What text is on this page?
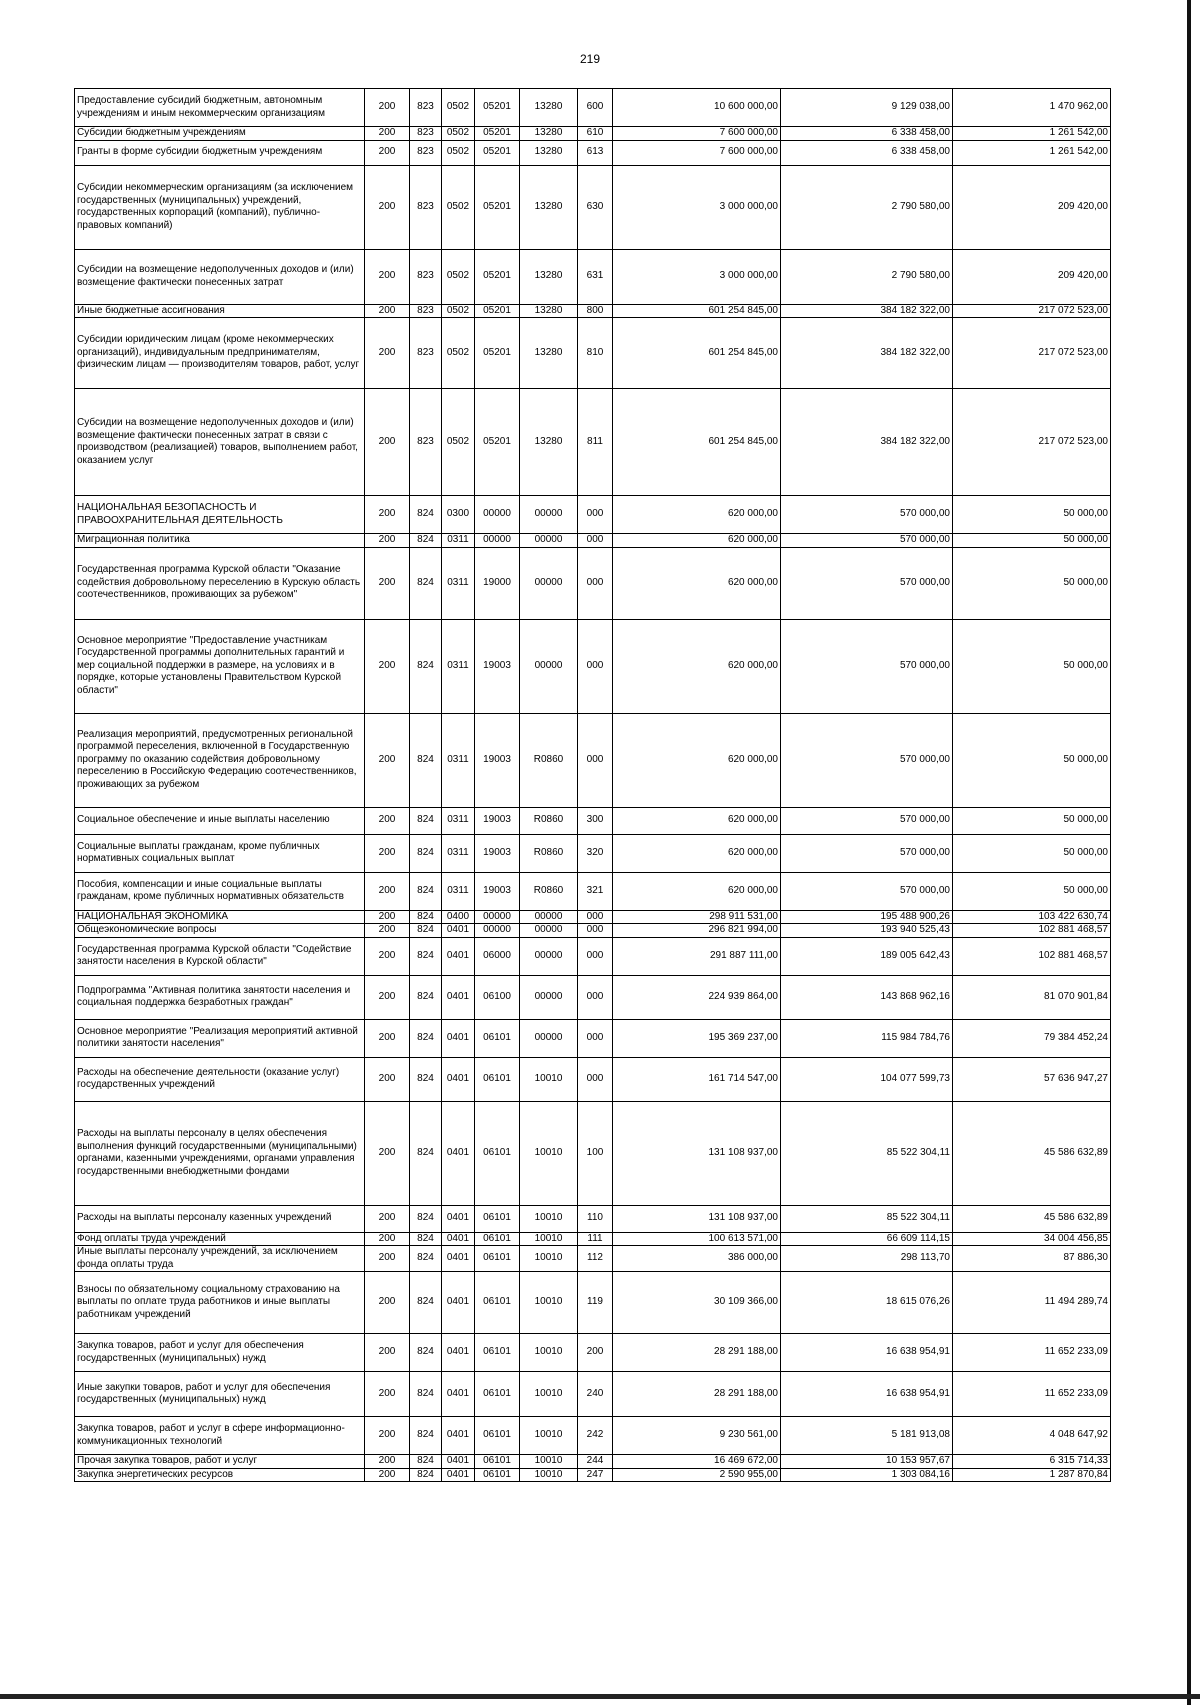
219
Предоставление субсидий бюджетным, автономным учреждениям и иным некоммерческим организациям	200	823	0502	05201	13280	600	10 600 000,00	9 129 038,00	1 470 962,00
Субсидии бюджетным учреждениям	200	823	0502	05201	13280	610	7 600 000,00	6 338 458,00	1 261 542,00
Гранты в форме субсидии бюджетным учреждениям	200	823	0502	05201	13280	613	7 600 000,00	6 338 458,00	1 261 542,00
Субсидии некоммерческим организациям (за исключением государственных (муниципальных) учреждений, государственных корпораций (компаний), публично-правовых компаний)	200	823	0502	05201	13280	630	3 000 000,00	2 790 580,00	209 420,00
Субсидии на возмещение недополученных доходов и (или) возмещение фактически понесенных затрат	200	823	0502	05201	13280	631	3 000 000,00	2 790 580,00	209 420,00
Иные бюджетные ассигнования	200	823	0502	05201	13280	800	601 254 845,00	384 182 322,00	217 072 523,00
Субсидии юридическим лицам (кроме некоммерческих организаций), индивидуальным предпринимателям, физическим лицам — производителям товаров, работ, услуг	200	823	0502	05201	13280	810	601 254 845,00	384 182 322,00	217 072 523,00
Субсидии на возмещение недополученных доходов и (или) возмещение фактически понесенных затрат в связи с производством (реализацией) товаров, выполнением работ, оказанием услуг	200	823	0502	05201	13280	811	601 254 845,00	384 182 322,00	217 072 523,00
НАЦИОНАЛЬНАЯ БЕЗОПАСНОСТЬ И ПРАВООХРАНИТЕЛЬНАЯ ДЕЯТЕЛЬНОСТЬ	200	824	0300	00000	00000	000	620 000,00	570 000,00	50 000,00
Миграционная политика	200	824	0311	00000	00000	000	620 000,00	570 000,00	50 000,00
Государственная программа Курской области "Оказание содействия добровольному переселению в Курскую область соотечественников, проживающих за рубежом"	200	824	0311	19000	00000	000	620 000,00	570 000,00	50 000,00
Основное мероприятие "Предоставление участникам Государственной программы дополнительных гарантий и мер социальной поддержки в размере, на условиях и в порядке, которые установлены Правительством Курской области"	200	824	0311	19003	00000	000	620 000,00	570 000,00	50 000,00
Реализация мероприятий, предусмотренных региональной программой переселения, включенной в Государственную программу по оказанию содействия добровольному переселению в Российскую Федерацию соотечественников, проживающих за рубежом	200	824	0311	19003	R0860	000	620 000,00	570 000,00	50 000,00
Социальное обеспечение и иные выплаты населению	200	824	0311	19003	R0860	300	620 000,00	570 000,00	50 000,00
Социальные выплаты гражданам, кроме публичных нормативных социальных выплат	200	824	0311	19003	R0860	320	620 000,00	570 000,00	50 000,00
Пособия, компенсации и иные социальные выплаты гражданам, кроме публичных нормативных обязательств	200	824	0311	19003	R0860	321	620 000,00	570 000,00	50 000,00
НАЦИОНАЛЬНАЯ ЭКОНОМИКА	200	824	0400	00000	00000	000	298 911 531,00	195 488 900,26	103 422 630,74
Общеэкономические вопросы	200	824	0401	00000	00000	000	296 821 994,00	193 940 525,43	102 881 468,57
Государственная программа Курской области "Содействие занятости населения в Курской области"	200	824	0401	06000	00000	000	291 887 111,00	189 005 642,43	102 881 468,57
Подпрограмма "Активная политика занятости населения и социальная поддержка безработных граждан"	200	824	0401	06100	00000	000	224 939 864,00	143 868 962,16	81 070 901,84
Основное мероприятие "Реализация мероприятий активной политики занятости населения"	200	824	0401	06101	00000	000	195 369 237,00	115 984 784,76	79 384 452,24
Расходы на обеспечение деятельности (оказание услуг) государственных учреждений	200	824	0401	06101	10010	000	161 714 547,00	104 077 599,73	57 636 947,27
Расходы на выплаты персоналу в целях обеспечения выполнения функций государственными (муниципальными) органами, казенными учреждениями, органами управления государственными внебюджетными фондами	200	824	0401	06101	10010	100	131 108 937,00	85 522 304,11	45 586 632,89
Расходы на выплаты персоналу казенных учреждений	200	824	0401	06101	10010	110	131 108 937,00	85 522 304,11	45 586 632,89
Фонд оплаты труда учреждений	200	824	0401	06101	10010	111	100 613 571,00	66 609 114,15	34 004 456,85
Иные выплаты персоналу учреждений, за исключением фонда оплаты труда	200	824	0401	06101	10010	112	386 000,00	298 113,70	87 886,30
Взносы по обязательному социальному страхованию на выплаты по оплате труда работников и иные выплаты работникам учреждений	200	824	0401	06101	10010	119	30 109 366,00	18 615 076,26	11 494 289,74
Закупка товаров, работ и услуг для обеспечения государственных (муниципальных) нужд	200	824	0401	06101	10010	200	28 291 188,00	16 638 954,91	11 652 233,09
Иные закупки товаров, работ и услуг для обеспечения государственных (муниципальных) нужд	200	824	0401	06101	10010	240	28 291 188,00	16 638 954,91	11 652 233,09
Закупка товаров, работ и услуг в сфере информационно-коммуникационных технологий	200	824	0401	06101	10010	242	9 230 561,00	5 181 913,08	4 048 647,92
Прочая закупка товаров, работ и услуг	200	824	0401	06101	10010	244	16 469 672,00	10 153 957,67	6 315 714,33
Закупка энергетических ресурсов	200	824	0401	06101	10010	247	2 590 955,00	1 303 084,16	1 287 870,84
